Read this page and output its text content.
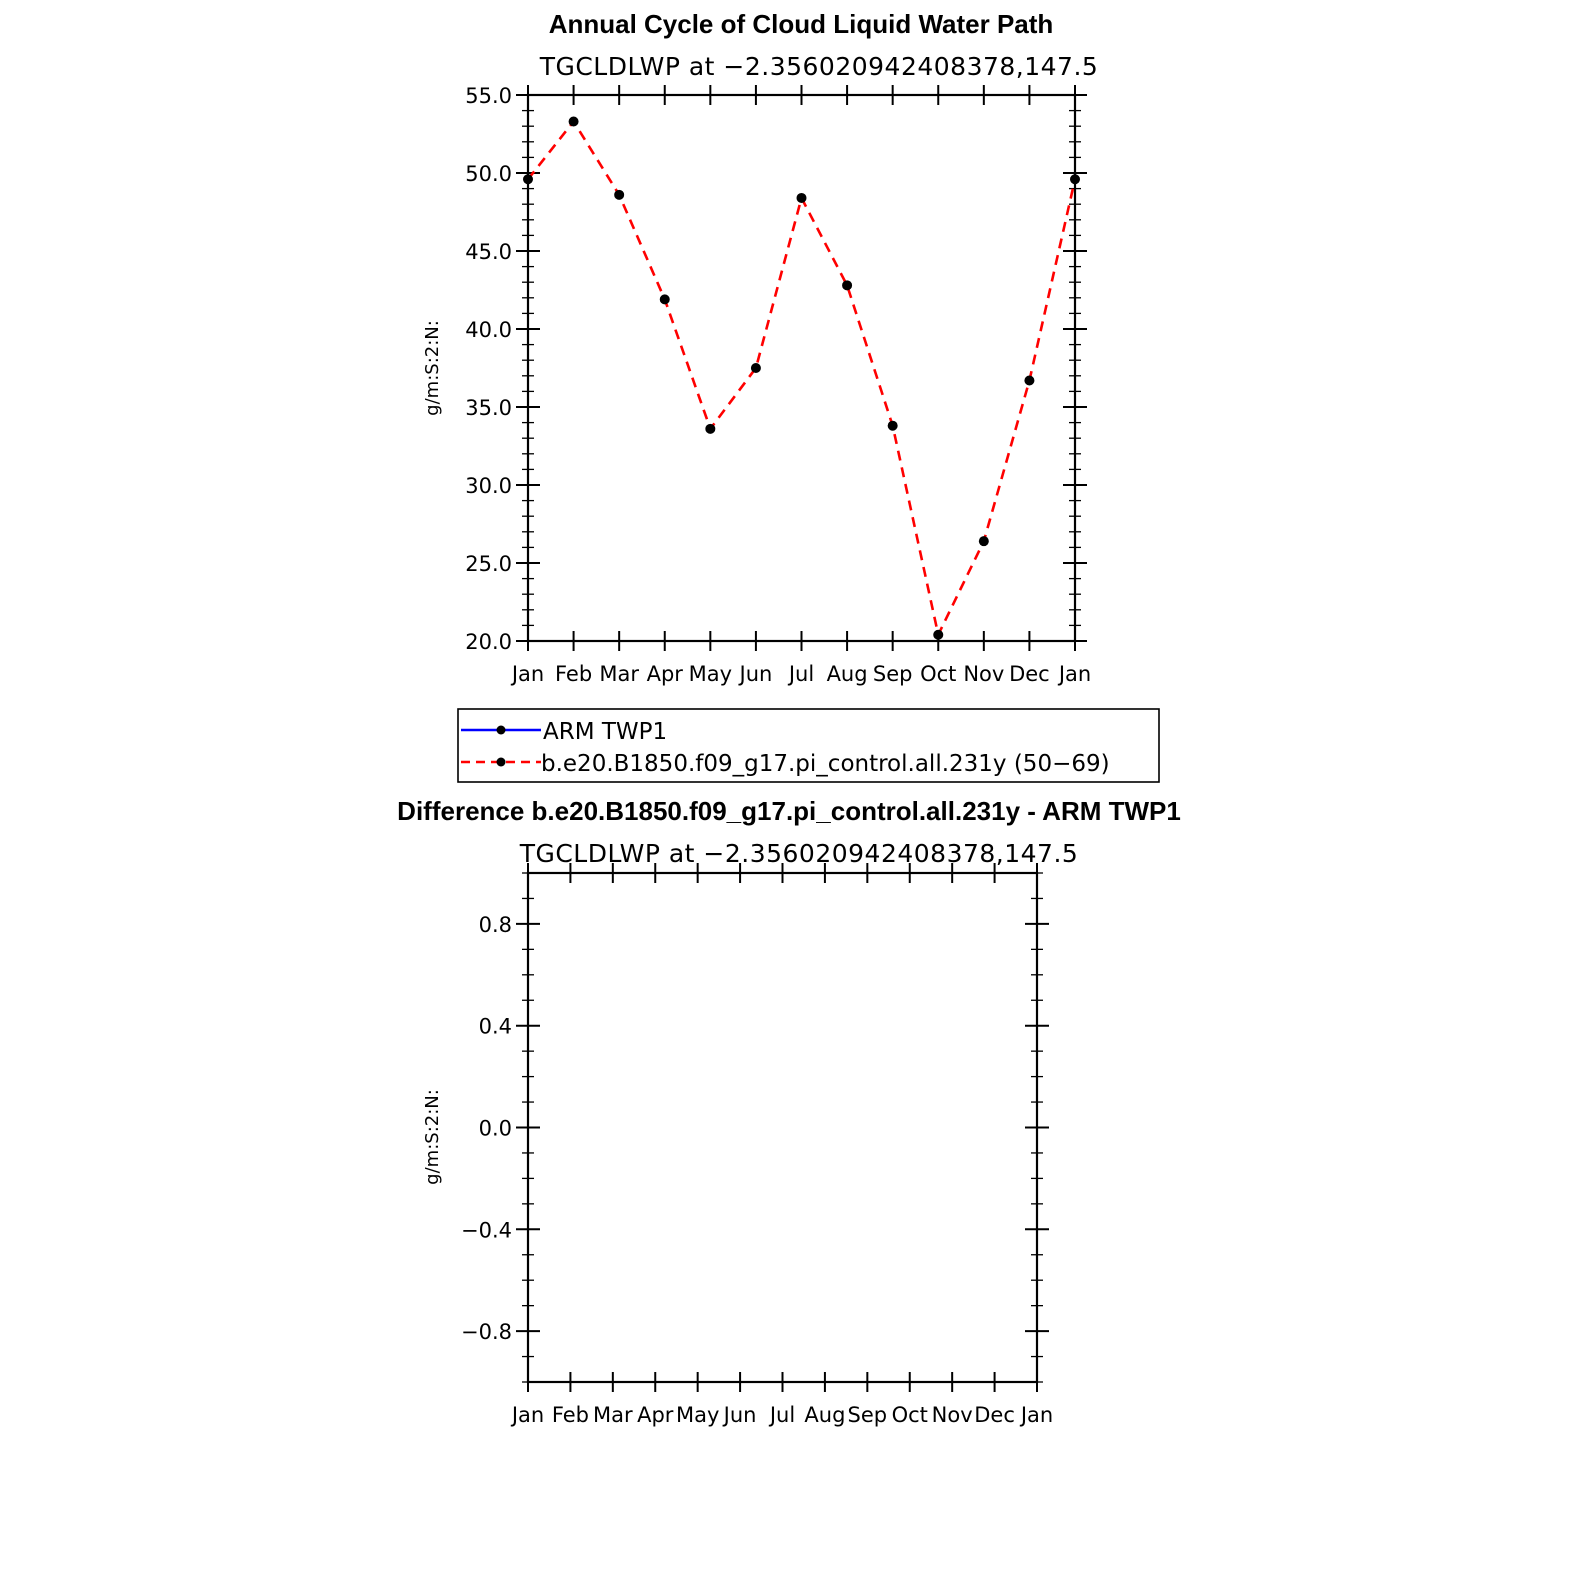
Annual Cycle of Cloud Liquid Water Path
TGCLDLWP at −2.356020942408378,147.5
20.0
25.0
30.0
35.0
40.0
45.0
50.0
55.0
Jan Feb Mar Apr May Jun Jul Aug Sep Oct Nov Dec Jan
g/m:S:2:N:
ARM TWP1
b.e20.B1850.f09_g17.pi_control.all.231y (50−69)
Difference b.e20.B1850.f09_g17.pi_control.all.231y - ARM TWP1
TGCLDLWP at −2.356020942408378,147.5
−0.8
−0.4
0.0
0.4
0.8
Jan Feb Mar Apr May Jun Jul Aug Sep Oct Nov Dec Jan
g/m:S:2:N:
